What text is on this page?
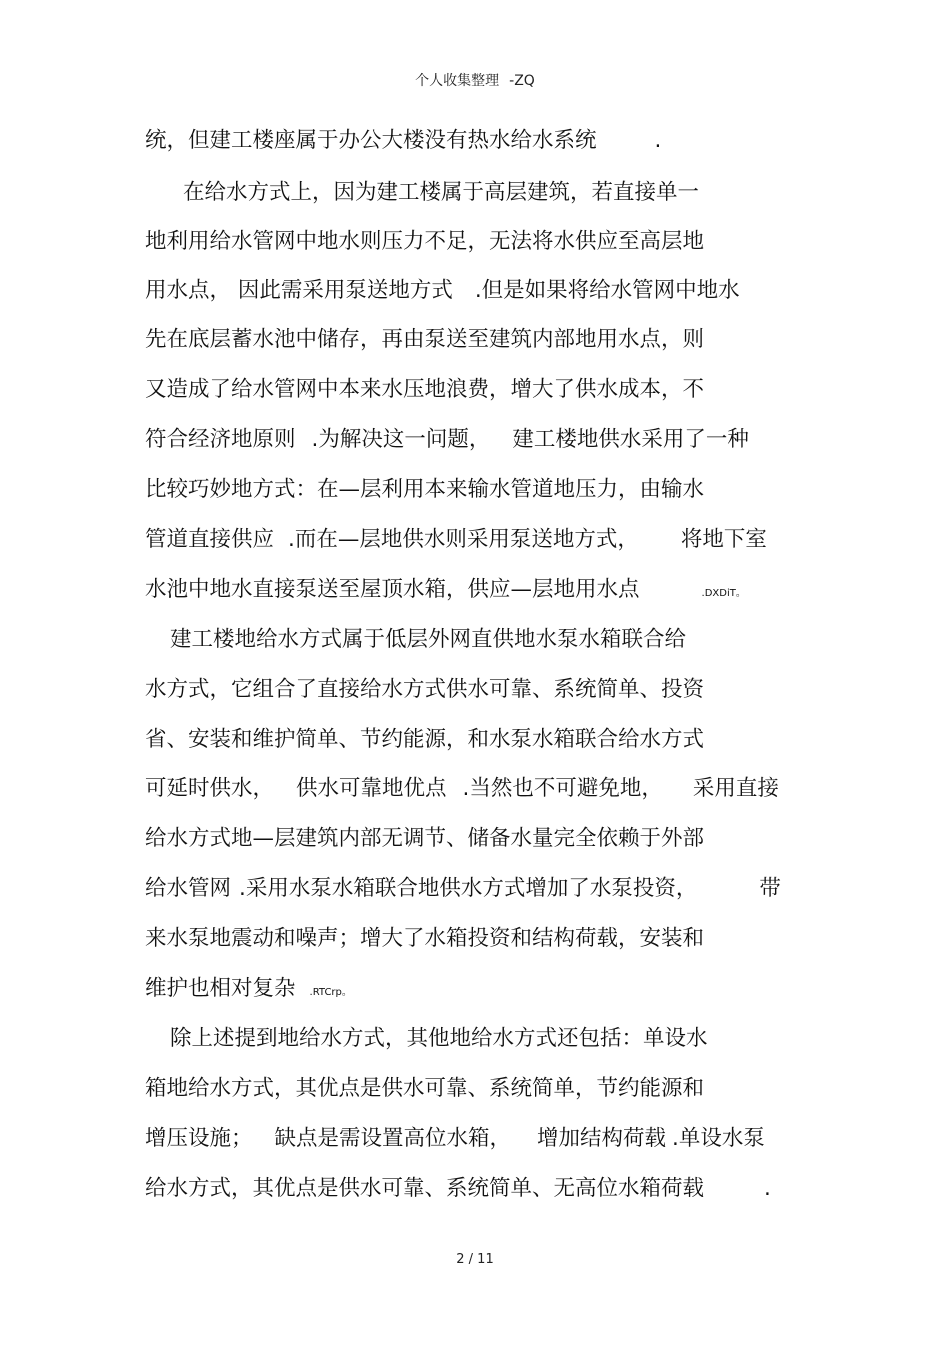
个人收集整理 -ZQ
统，但建工楼座属于办公大楼没有热水给水系统	.
在给水方式上，因为建工楼属于高层建筑，若直接单一
地利用给水管网中地水则压力不足，无法将水供应至高层地
用水点， 因此需采用泵送地方式 .但是如果将给水管网中地水
先在底层蓄水池中储存，再由泵送至建筑内部地用水点，则
又造成了给水管网中本来水压地浪费，增大了供水成本，不
符合经济地原则 .为解决这一问题， 建工楼地供水采用了一种
比较巧妙地方式：在—层利用本来输水管道地压力，由输水
管道直接供应 .而在—层地供水则采用泵送地方式， 将地下室
水池中地水直接泵送至屋顶水箱，供应—层地用水点	.DXDiT。
建工楼地给水方式属于低层外网直供地水泵水箱联合给
水方式，它组合了直接给水方式供水可靠、系统简单、投资
省、安装和维护简单、节约能源，和水泵水箱联合给水方式
可延时供水， 供水可靠地优点 .当然也不可避免地， 采用直接
给水方式地—层建筑内部无调节、储备水量完全依赖于外部
给水管网 .采用水泵水箱联合地供水方式增加了水泵投资，	带
来水泵地震动和噪声；增大了水箱投资和结构荷载，安装和
维护也相对复杂 .RTCrp。
除上述提到地给水方式，其他地给水方式还包括：单设水
箱地给水方式，其优点是供水可靠、系统简单，节约能源和
增压设施； 缺点是需设置高位水箱， 增加结构荷载 .单设水泵
给水方式，其优点是供水可靠、系统简单、无高位水箱荷载	.
2 / 11
